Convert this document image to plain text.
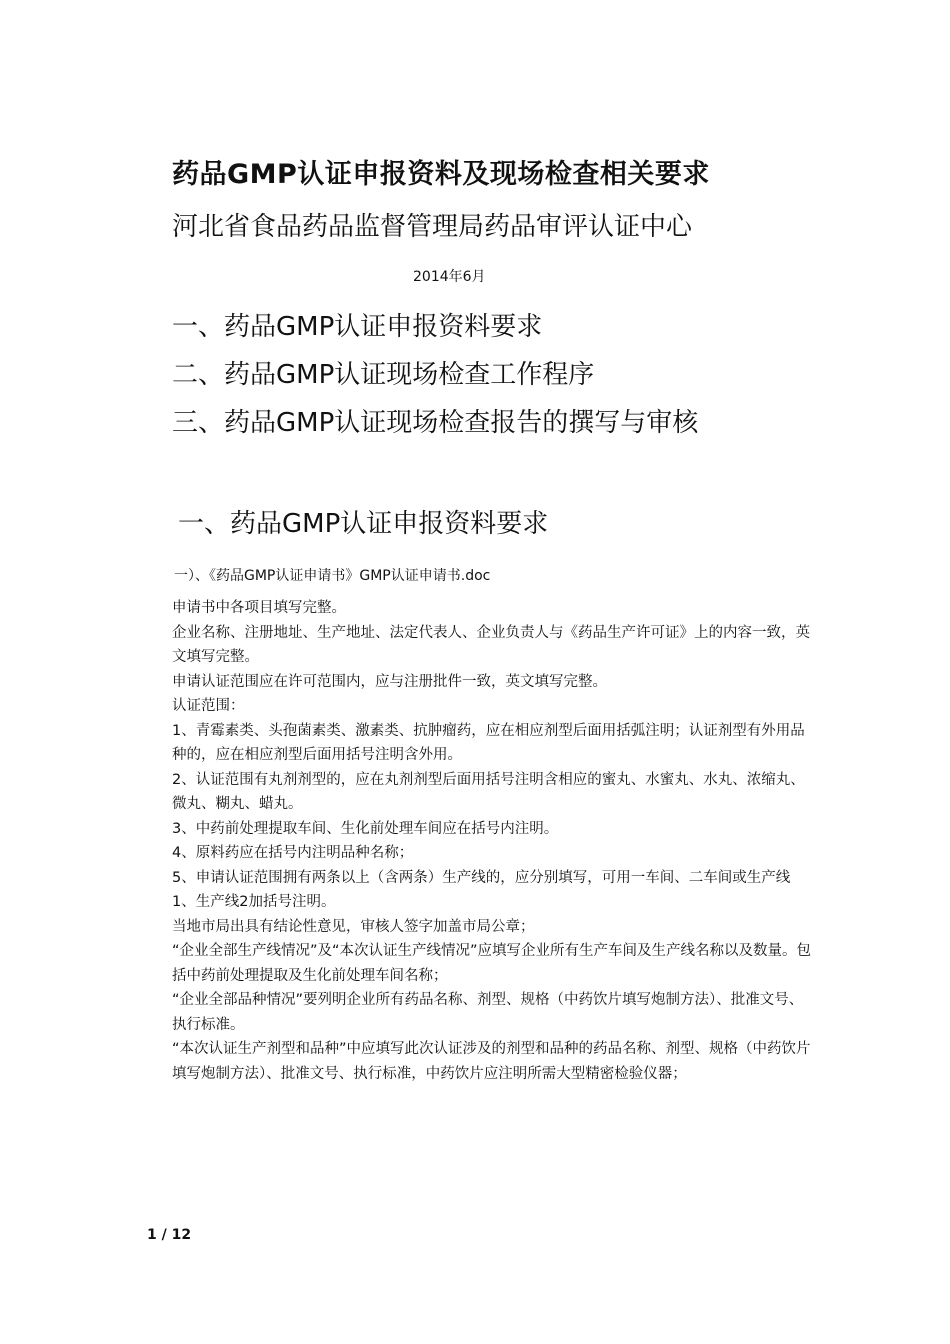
药品GMP认证申报资料及现场检查相关要求
河北省食品药品监督管理局药品审评认证中心
2014年6月
一、药品GMP认证申报资料要求
二、药品GMP认证现场检查工作程序
三、药品GMP认证现场检查报告的撰写与审核
一、药品GMP认证申报资料要求
一）、《药品GMP认证申请书》GMP认证申请书.doc

申请书中各项目填写完整。

企业名称、注册地址、生产地址、法定代表人、企业负责人与《药品生产许可证》上的内容一致，英文填写完整。

申请认证范围应在许可范围内，应与注册批件一致，英文填写完整。

认证范围：

1、青霉素类、头孢菌素类、激素类、抗肿瘤药，应在相应剂型后面用括弧注明；认证剂型有外用品种的，应在相应剂型后面用括号注明含外用。

2、认证范围有丸剂剂型的，应在丸剂剂型后面用括号注明含相应的蜜丸、水蜜丸、水丸、浓缩丸、微丸、糊丸、蜡丸。

3、中药前处理提取车间、生化前处理车间应在括号内注明。

4、原料药应在括号内注明品种名称；

5、申请认证范围拥有两条以上（含两条）生产线的，应分别填写，可用一车间、二车间或生产线1、生产线2加括号注明。

当地市局出具有结论性意见，审核人签字加盖市局公章；

“企业全部生产线情况”及“本次认证生产线情况”应填写企业所有生产车间及生产线名称以及数量。包括中药前处理提取及生化前处理车间名称；

“企业全部品种情况”要列明企业所有药品名称、剂型、规格（中药饮片填写炮制方法）、批准文号、执行标准。

“本次认证生产剂型和品种”中应填写此次认证涉及的剂型和品种的药品名称、剂型、规格（中药饮片填写炮制方法）、批准文号、执行标准，中药饮片应注明所需大型精密检验仪器；

1 / 12
